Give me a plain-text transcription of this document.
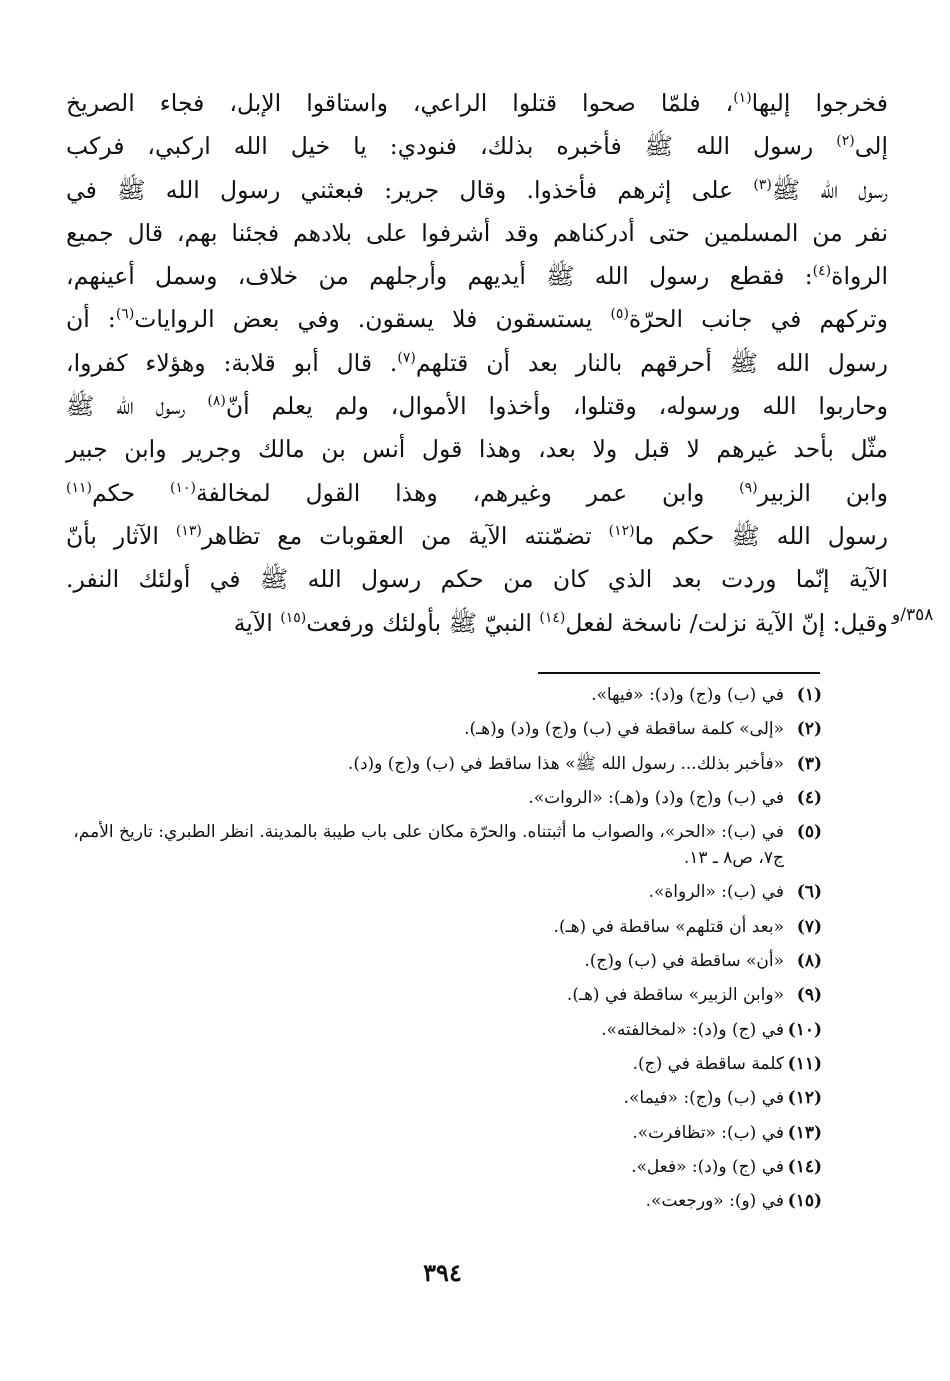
فخرجوا إليها$^{(١)}$، فلمّا صحوا قتلوا الراعي، واستاقوا الإبل، فجاء الصريخ
إلى$^{(٢)}$ رسول الله ﷺ فأخبره بذلك، فنودي: يا خيل الله اركبي، فركب
رسول الله ﷺ$^{(٣)}$ على إثرهم فأخذوا. وقال جرير: فبعثني رسول الله ﷺ في
نفر من المسلمين حتى أدركناهم وقد أشرفوا على بلادهم فجئنا بهم، قال جميع
الرواة$^{(٤)}$: فقطع رسول الله ﷺ أيديهم وأرجلهم من خلاف، وسمل أعينهم،
وتركهم في جانب الحرّة$^{(٥)}$ يستسقون فلا يسقون. وفي بعض الروايات$^{(٦)}$: أن
رسول الله ﷺ أحرقهم بالنار بعد أن قتلهم$^{(٧)}$. قال أبو قلابة: وهؤلاء كفروا،
وحاربوا الله ورسوله، وقتلوا، وأخذوا الأموال، ولم يعلم أنّ$^{(٨)}$ رسول الله ﷺ
مثّل بأحد غيرهم لا قبل ولا بعد، وهذا قول أنس بن مالك وجرير وابن جبير
وابن الزبير$^{(٩)}$ وابن عمر وغيرهم، وهذا القول لمخالفة$^{(١٠)}$ حكم$^{(١١)}$
رسول الله ﷺ حكم ما$^{(١٢)}$ تضمّنته الآية من العقوبات مع تظاهر$^{(١٣)}$ الآثار بأنّ
الآية إنّما وردت بعد الذي كان من حكم رسول الله ﷺ في أولئك النفر.
وقيل: إنّ الآية نزلت/ ناسخة لفعل$^{(١٤)}$ النبيّ ﷺ بأولئك ورفعت$^{(١٥)}$ الآية	٣٥٨/و
(١)
في (ب) و(ج) و(د): «فيها».
(٢)
«إلى» كلمة ساقطة في (ب) و(ج) و(د) و(هـ).
(٣)
«فأخبر بذلك... رسول الله ﷺ» هذا ساقط في (ب) و(ج) و(د).
(٤)
في (ب) و(ج) و(د) و(هـ): «الروات».
(٥)
في (ب): «الحر»، والصواب ما أثبتناه. والحرّة مكان على باب طيبة بالمدينة. انظر الطبري: تاريخ الأمم، ج٧، ص٨ ـ ١٣.
(٦)
في (ب): «الرواة».
(٧)
«بعد أن قتلهم» ساقطة في (هـ).
(٨)
«أن» ساقطة في (ب) و(ج).
(٩)
«وابن الزبير» ساقطة في (هـ).
(١٠)
في (ج) و(د): «لمخالفته».
(١١)
كلمة ساقطة في (ج).
(١٢)
في (ب) و(ج): «فيما».
(١٣)
في (ب): «تظافرت».
(١٤)
في (ج) و(د): «فعل».
(١٥)
في (و): «ورجعت».
٣٩٤
